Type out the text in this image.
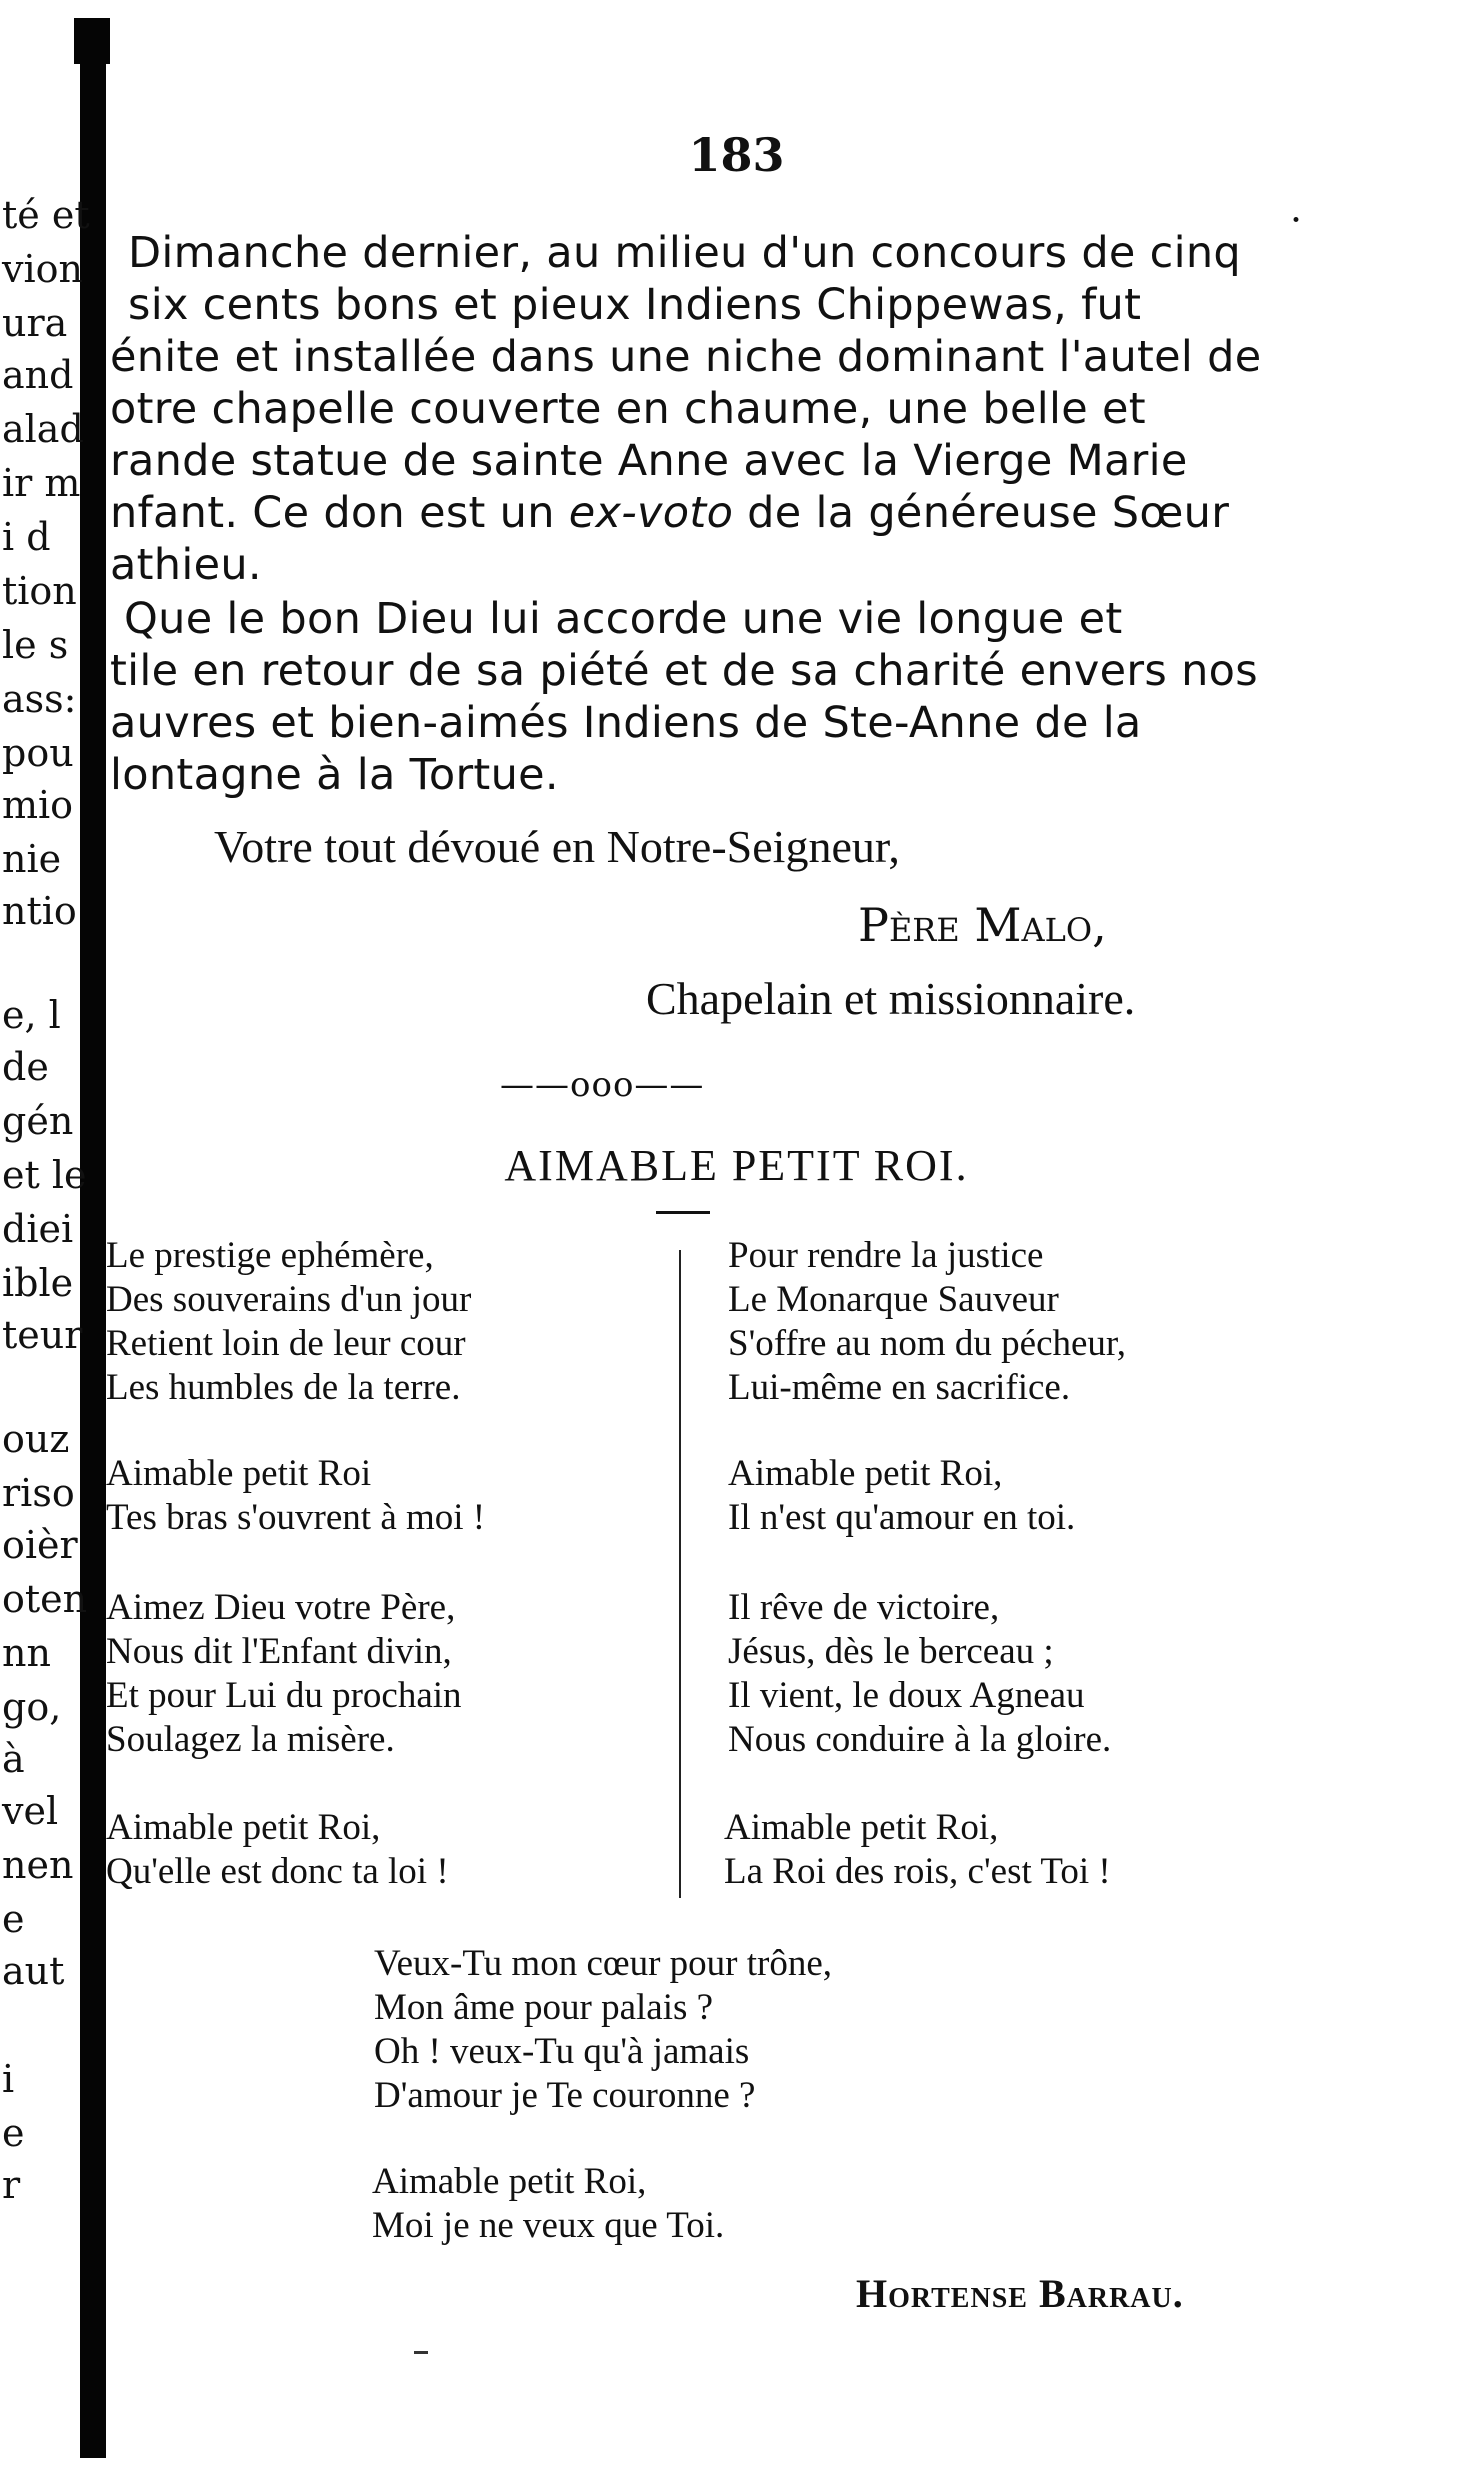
té et
vion
ura
and
alad
ir m
i d
tion
le s
ass:
pou
mio
nie
ntio
e, l
de
gén
et le
diei
ible
teur
ouz
riso
oièr
oten
nn
go,
à
vel
nen
e
aut
i
e
r
183
·
Dimanche dernier, au milieu d'un concours de cinq
six cents bons et pieux Indiens Chippewas, fut
énite et installée dans une niche dominant l'autel de
otre chapelle couverte en chaume, une belle et
rande statue de sainte Anne avec la Vierge Marie
nfant. Ce don est un ex-voto de la généreuse Sœur
athieu.
Que le bon Dieu lui accorde une vie longue et
tile en retour de sa piété et de sa charité envers nos
auvres et bien-aimés Indiens de Ste-Anne de la
lontagne à la Tortue.
Votre tout dévoué en Notre-Seigneur,
Père Malo,
Chapelain et missionnaire.
——ooo——
AIMABLE PETIT ROI.
Le prestige ephémère,
Des souverains d'un jour
Retient loin de leur cour
Les humbles de la terre.
Aimable petit Roi
Tes bras s'ouvrent à moi !
Aimez Dieu votre Père,
Nous dit l'Enfant divin,
Et pour Lui du prochain
Soulagez la misère.
Aimable petit Roi,
Qu'elle est donc ta loi !
Pour rendre la justice
Le Monarque Sauveur
S'offre au nom du pécheur,
Lui-même en sacrifice.
Aimable petit Roi,
Il n'est qu'amour en toi.
Il rêve de victoire,
Jésus, dès le berceau ;
Il vient, le doux Agneau
Nous conduire à la gloire.
Aimable petit Roi,
La Roi des rois, c'est Toi !
Veux-Tu mon cœur pour trône,
Mon âme pour palais ?
Oh ! veux-Tu qu'à jamais
D'amour je Te couronne ?
Aimable petit Roi,
Moi je ne veux que Toi.
Hortense Barrau.
